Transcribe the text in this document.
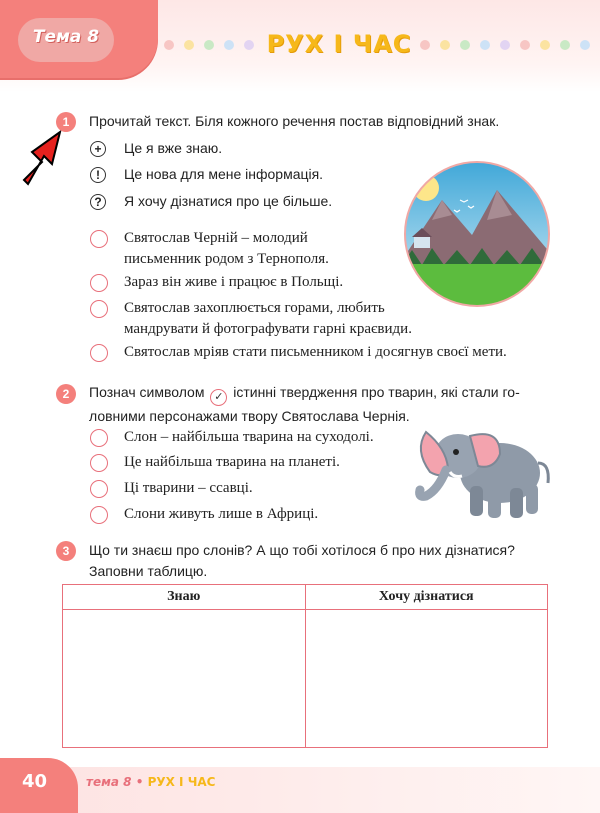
Тема 8	РУХ І ЧАС
1	Прочитай текст. Біля кожного речення постав відповідний знак.
+	Це я вже знаю.
!	Це нова для мене інформація.
?	Я хочу дізнатися про це більше.
Святослав Черній – молодий
письменник родом з Тернополя.
Зараз він живе і працює в Польщі.
Святослав захоплюється горами, любить
мандрувати й фотографувати гарні краєвиди.
Святослав мріяв стати письменником і досягнув своєї мети.
2	Познач символом ✓ істинні твердження про тварин, які стали го-
ловними персонажами твору Святослава Чернія.
Слон – найбільша тварина на суходолі.
Це найбільша тварина на планеті.
Ці тварини – ссавці.
Слони живуть лише в Африці.
3	Що ти знаєш про слонів? А що тобі хотілося б про них дізнатися?
Заповни таблицю.
Знаю	Хочу дізнатися

40	тема 8 • РУХ І ЧАС
